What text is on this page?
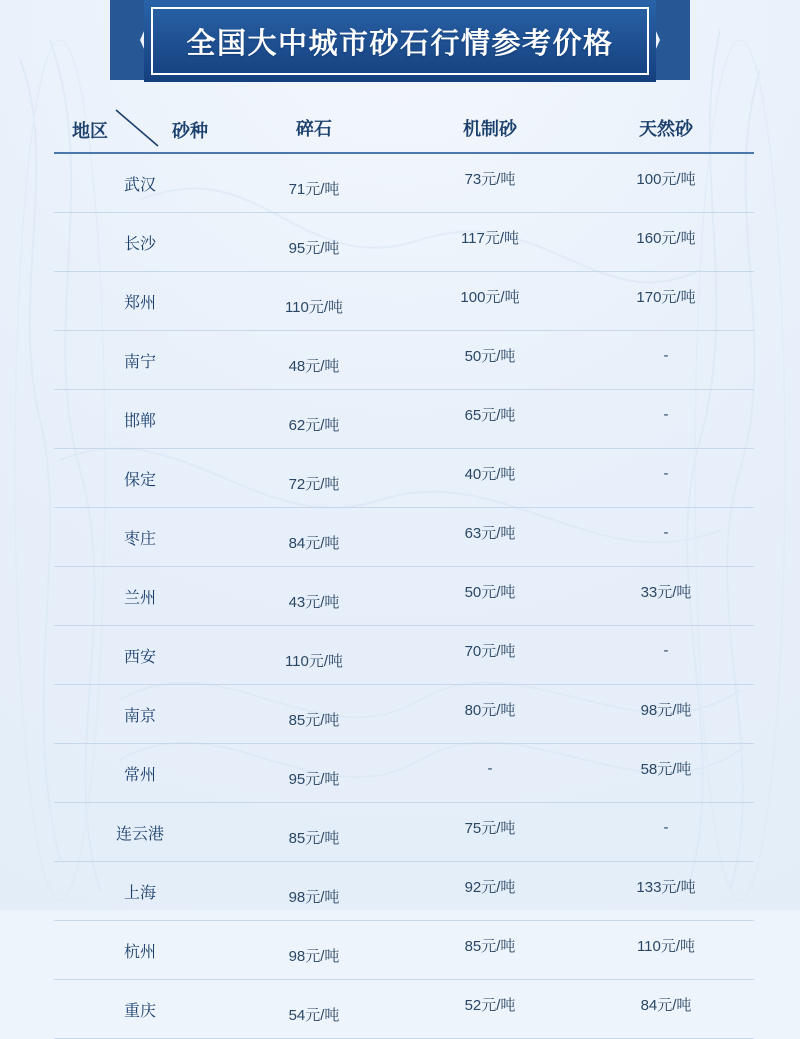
全国大中城市砂石行情参考价格
地区 砂种	碎石	机制砂	天然砂
武汉	71元/吨	73元/吨	100元/吨
长沙	95元/吨	117元/吨	160元/吨
郑州	110元/吨	100元/吨	170元/吨
南宁	48元/吨	50元/吨	-
邯郸	62元/吨	65元/吨	-
保定	72元/吨	40元/吨	-
枣庄	84元/吨	63元/吨	-
兰州	43元/吨	50元/吨	33元/吨
西安	110元/吨	70元/吨	-
南京	85元/吨	80元/吨	98元/吨
常州	95元/吨	-	58元/吨
连云港	85元/吨	75元/吨	-
上海	98元/吨	92元/吨	133元/吨
杭州	98元/吨	85元/吨	110元/吨
重庆	54元/吨	52元/吨	84元/吨
